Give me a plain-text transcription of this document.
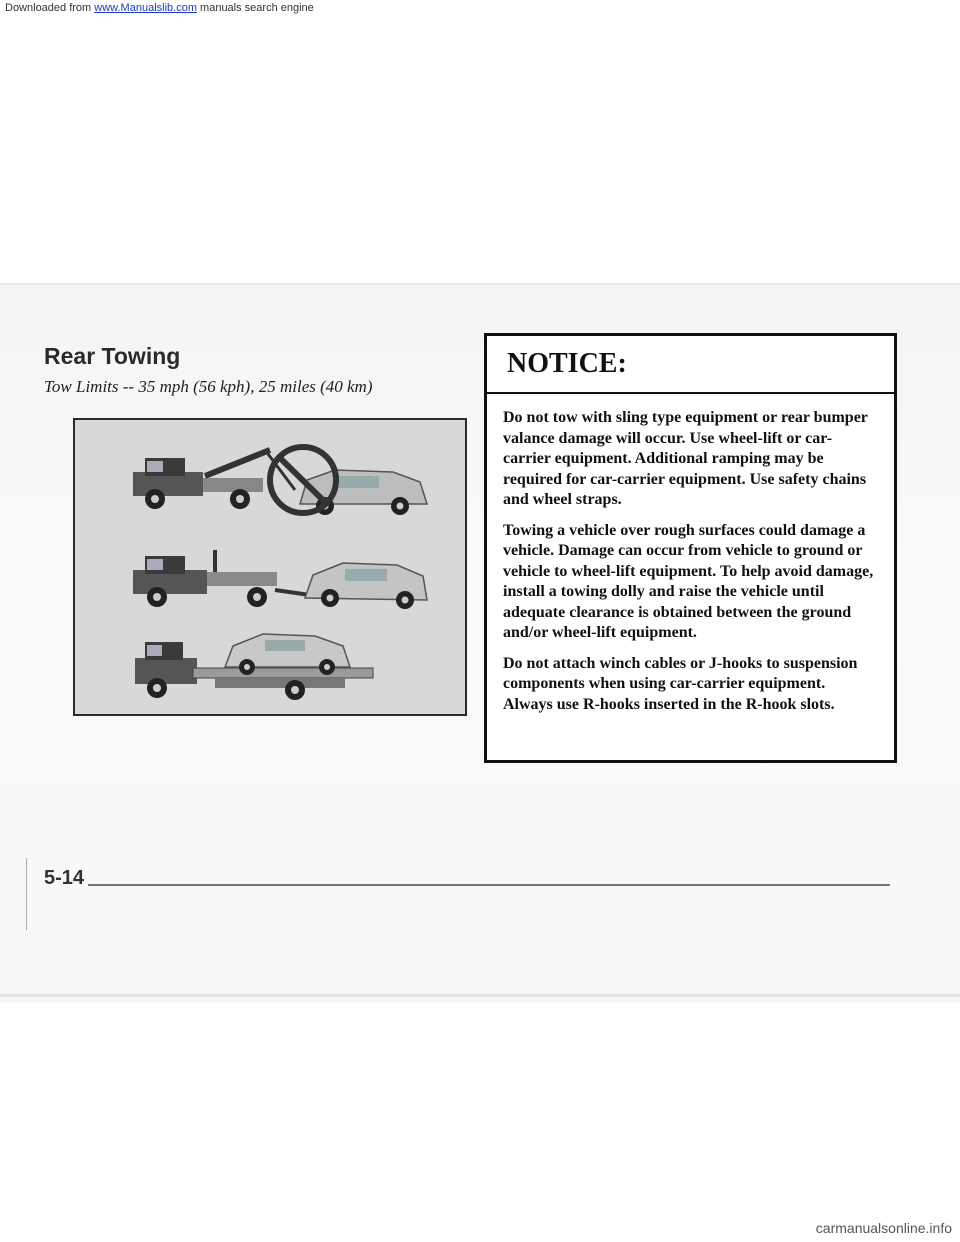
Downloaded from www.Manualslib.com manuals search engine
Rear Towing
Tow Limits -- 35 mph (56 kph), 25 miles (40 km)
NOTICE:

Do not tow with sling type equipment or rear bumper valance damage will occur. Use wheel-lift or car-carrier equipment. Additional ramping may be required for car-carrier equipment. Use safety chains and wheel straps.

Towing a vehicle over rough surfaces could damage a vehicle. Damage can occur from vehicle to ground or vehicle to wheel-lift equipment. To help avoid damage, install a towing dolly and raise the vehicle until adequate clearance is obtained between the ground and/or wheel-lift equipment.

Do not attach winch cables or J-hooks to suspension components when using car-carrier equipment. Always use R-hooks inserted in the R-hook slots.

5-14
carmanualsonline.info
